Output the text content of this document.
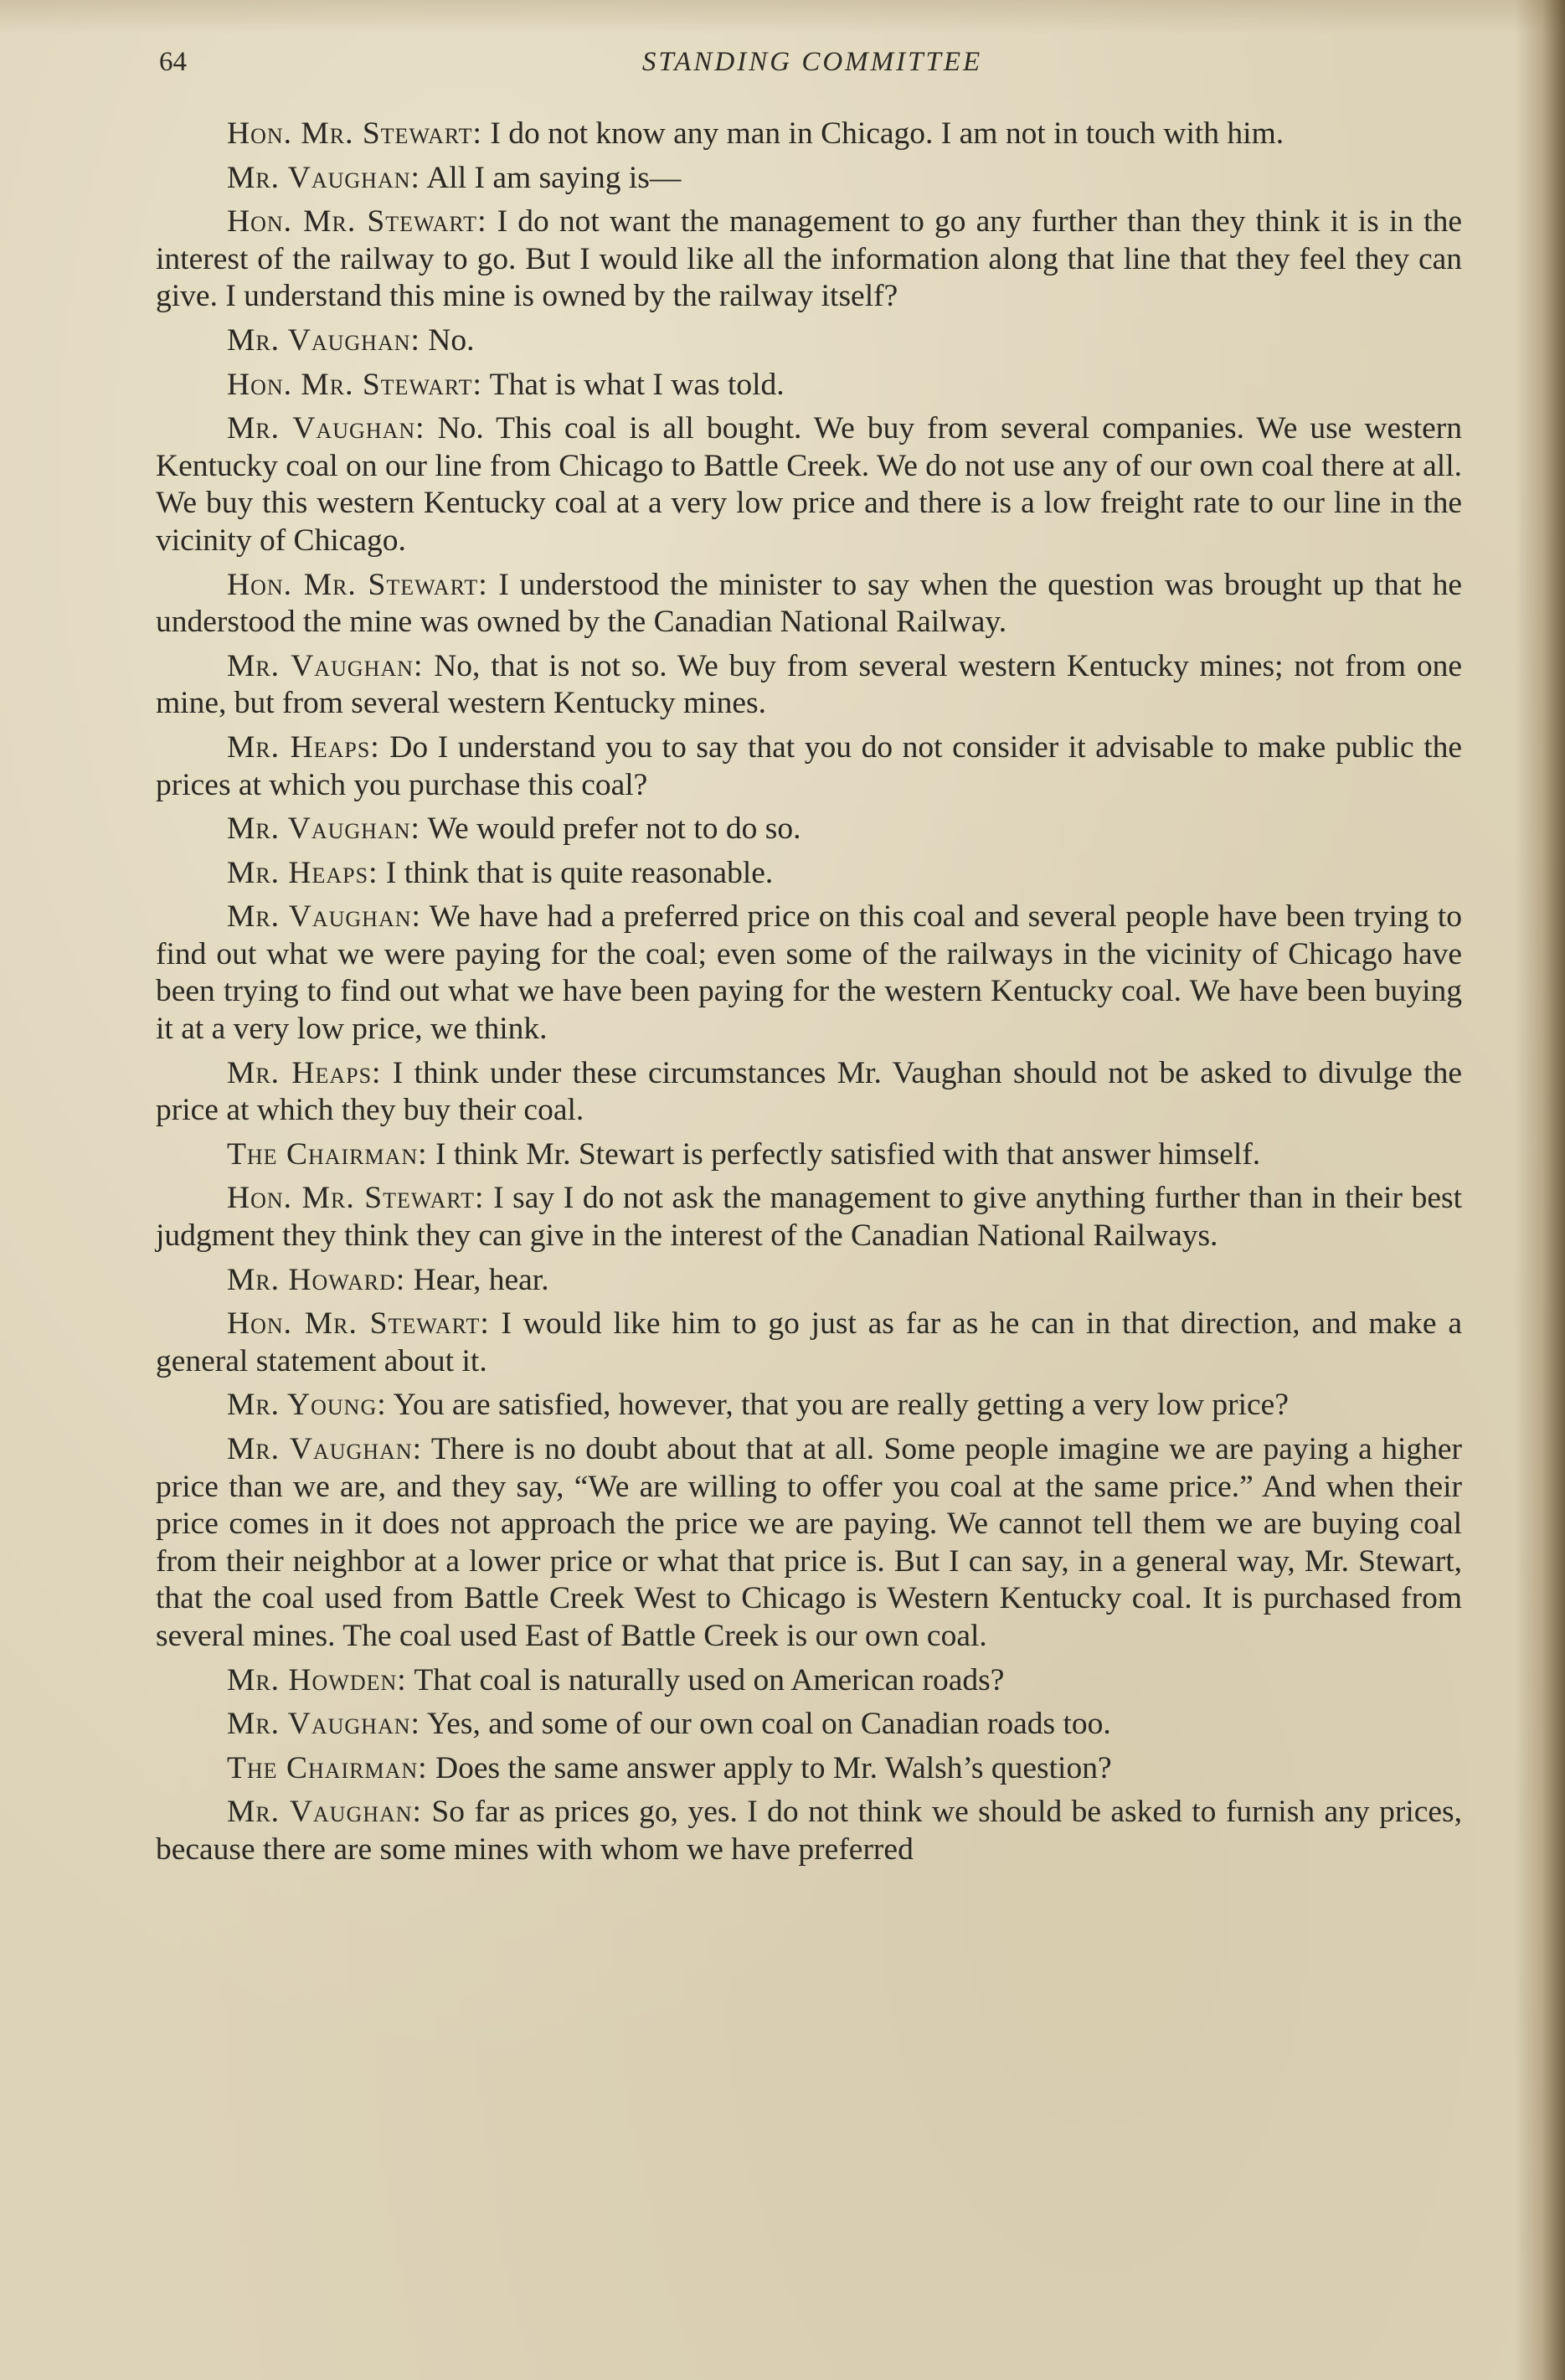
64	STANDING COMMITTEE

Hon. Mr. Stewart: I do not know any man in Chicago. I am not in touch with him.

Mr. Vaughan: All I am saying is—

Hon. Mr. Stewart: I do not want the management to go any further than they think it is in the interest of the railway to go. But I would like all the information along that line that they feel they can give. I understand this mine is owned by the railway itself?

Mr. Vaughan: No.

Hon. Mr. Stewart: That is what I was told.

Mr. Vaughan: No. This coal is all bought. We buy from several companies. We use western Kentucky coal on our line from Chicago to Battle Creek. We do not use any of our own coal there at all. We buy this western Kentucky coal at a very low price and there is a low freight rate to our line in the vicinity of Chicago.

Hon. Mr. Stewart: I understood the minister to say when the question was brought up that he understood the mine was owned by the Canadian National Railway.

Mr. Vaughan: No, that is not so. We buy from several western Kentucky mines; not from one mine, but from several western Kentucky mines.

Mr. Heaps: Do I understand you to say that you do not consider it advisable to make public the prices at which you purchase this coal?

Mr. Vaughan: We would prefer not to do so.

Mr. Heaps: I think that is quite reasonable.

Mr. Vaughan: We have had a preferred price on this coal and several people have been trying to find out what we were paying for the coal; even some of the railways in the vicinity of Chicago have been trying to find out what we have been paying for the western Kentucky coal. We have been buying it at a very low price, we think.

Mr. Heaps: I think under these circumstances Mr. Vaughan should not be asked to divulge the price at which they buy their coal.

The Chairman: I think Mr. Stewart is perfectly satisfied with that answer himself.

Hon. Mr. Stewart: I say I do not ask the management to give anything further than in their best judgment they think they can give in the interest of the Canadian National Railways.

Mr. Howard: Hear, hear.

Hon. Mr. Stewart: I would like him to go just as far as he can in that direction, and make a general statement about it.

Mr. Young: You are satisfied, however, that you are really getting a very low price?

Mr. Vaughan: There is no doubt about that at all. Some people imagine we are paying a higher price than we are, and they say, “We are willing to offer you coal at the same price.” And when their price comes in it does not approach the price we are paying. We cannot tell them we are buying coal from their neighbor at a lower price or what that price is. But I can say, in a general way, Mr. Stewart, that the coal used from Battle Creek West to Chicago is Western Kentucky coal. It is purchased from several mines. The coal used East of Battle Creek is our own coal.

Mr. Howden: That coal is naturally used on American roads?

Mr. Vaughan: Yes, and some of our own coal on Canadian roads too.

The Chairman: Does the same answer apply to Mr. Walsh’s question?

Mr. Vaughan: So far as prices go, yes. I do not think we should be asked to furnish any prices, because there are some mines with whom we have preferred
